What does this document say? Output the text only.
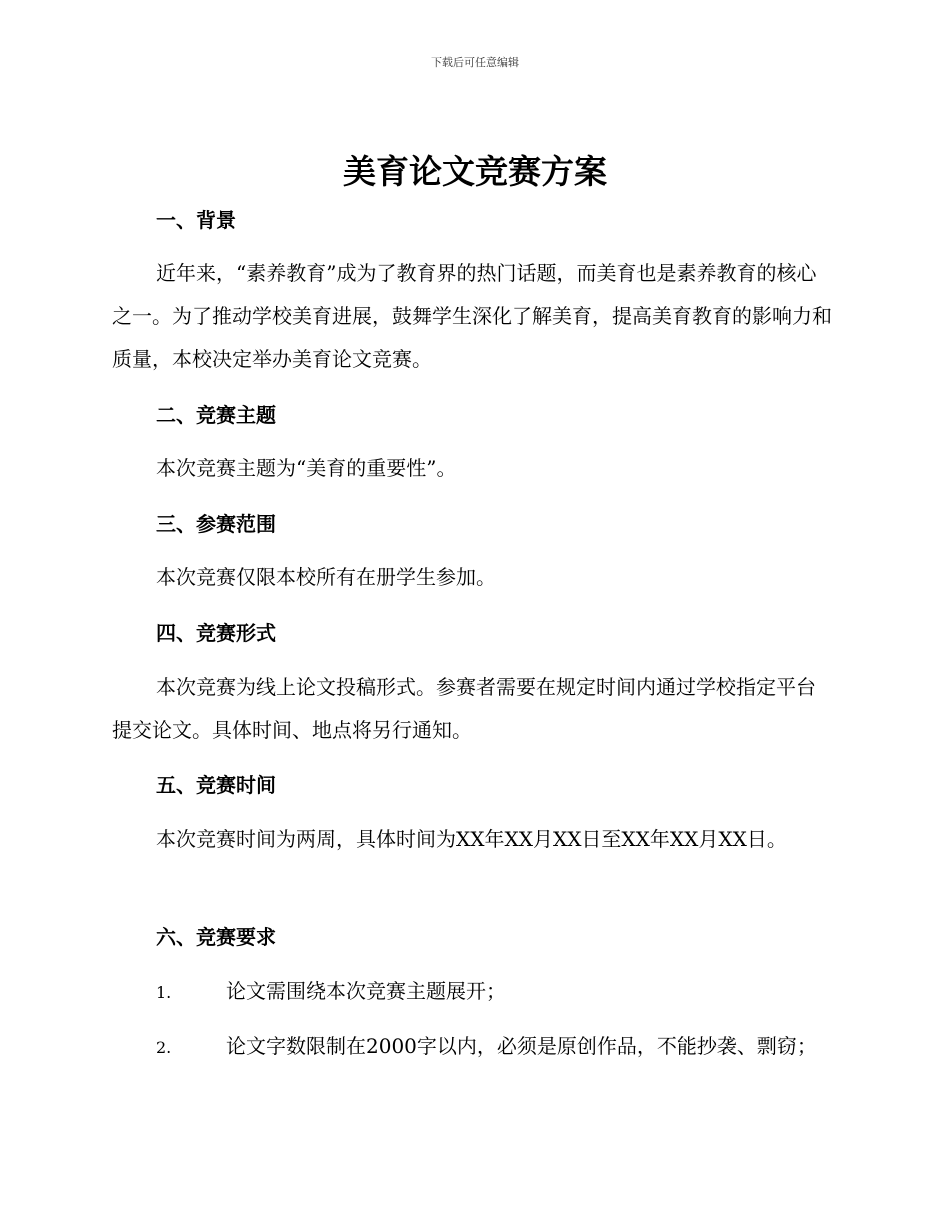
下载后可任意编辑
美育论文竞赛方案
一、背景
近年来，“素养教育”成为了教育界的热门话题，而美育也是素养教育的核心之一。为了推动学校美育进展，鼓舞学生深化了解美育，提高美育教育的影响力和质量，本校决定举办美育论文竞赛。
二、竞赛主题
本次竞赛主题为“美育的重要性”。
三、参赛范围
本次竞赛仅限本校所有在册学生参加。
四、竞赛形式
本次竞赛为线上论文投稿形式。参赛者需要在规定时间内通过学校指定平台提交论文。具体时间、地点将另行通知。
五、竞赛时间
本次竞赛时间为两周，具体时间为XX年XX月XX日至XX年XX月XX日。
六、竞赛要求
1.	论文需围绕本次竞赛主题展开；
2.	论文字数限制在2000字以内，必须是原创作品，不能抄袭、剽窃；
